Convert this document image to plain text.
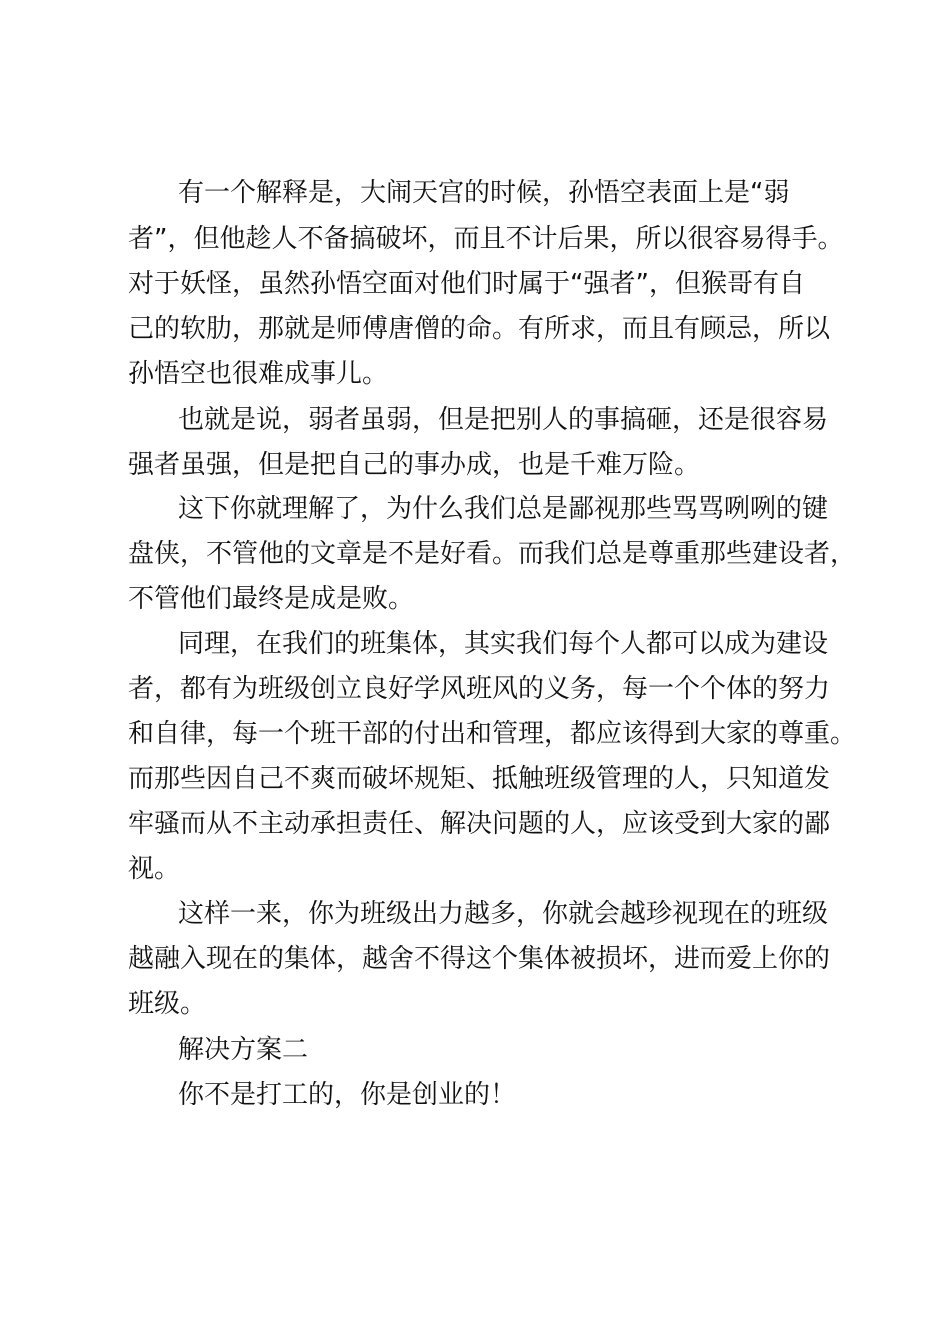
有一个解释是，大闹天宫的时候，孙悟空表面上是“弱

者”，但他趁人不备搞破坏，而且不计后果，所以很容易得手。

对于妖怪，虽然孙悟空面对他们时属于“强者”，但猴哥有自

己的软肋，那就是师傅唐僧的命。有所求，而且有顾忌，所以

孙悟空也很难成事儿。

也就是说，弱者虽弱，但是把别人的事搞砸，还是很容易

强者虽强，但是把自己的事办成，也是千难万险。

这下你就理解了，为什么我们总是鄙视那些骂骂咧咧的键

盘侠，不管他的文章是不是好看。而我们总是尊重那些建设者，

不管他们最终是成是败。

同理，在我们的班集体，其实我们每个人都可以成为建设

者，都有为班级创立良好学风班风的义务，每一个个体的努力

和自律，每一个班干部的付出和管理，都应该得到大家的尊重。

而那些因自己不爽而破坏规矩、抵触班级管理的人，只知道发

牢骚而从不主动承担责任、解决问题的人，应该受到大家的鄙

视。

这样一来，你为班级出力越多，你就会越珍视现在的班级

越融入现在的集体，越舍不得这个集体被损坏，进而爱上你的

班级。

解决方案二

你不是打工的，你是创业的！
